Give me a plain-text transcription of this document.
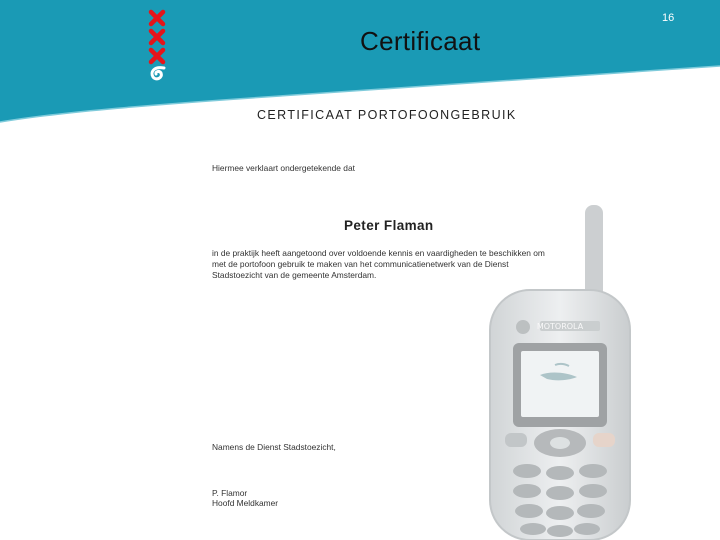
16
Certificaat
MOTOROLA
CERTIFICAAT PORTOFOONGEBRUIK
Hiermee verklaart ondergetekende dat
Peter Flaman
in de praktijk heeft aangetoond over voldoende kennis en vaardigheden te beschikken om met de portofoon gebruik te maken van het communicatienetwerk van de Dienst Stadstoezicht van de gemeente Amsterdam.
Namens de Dienst Stadstoezicht,
P. Flamor
Hoofd Meldkamer
